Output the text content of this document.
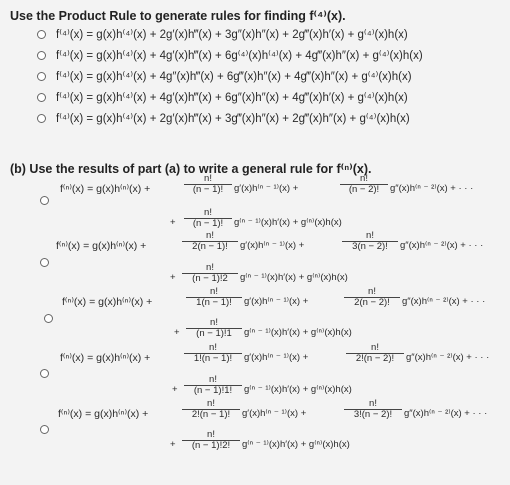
Use the Product Rule to generate rules for finding f⁽⁴⁾(x).
f⁽⁴⁾(x) = g(x)h⁽⁴⁾(x) + 2g′(x)h‴(x) + 3g″(x)h″(x) + 2g‴(x)h′(x) + g⁽⁴⁾(x)h(x)
f⁽⁴⁾(x) = g(x)h⁽⁴⁾(x) + 4g′(x)h‴(x) + 6g⁽⁴⁾(x)h⁽⁴⁾(x) + 4g‴(x)h″(x) + g⁽⁴⁾(x)h(x)
f⁽⁴⁾(x) = g(x)h⁽⁴⁾(x) + 4g″(x)h‴(x) + 6g‴(x)h″(x) + 4g‴(x)h″(x) + g⁽⁴⁾(x)h(x)
f⁽⁴⁾(x) = g(x)h⁽⁴⁾(x) + 4g′(x)h‴(x) + 6g″(x)h″(x) + 4g‴(x)h′(x) + g⁽⁴⁾(x)h(x)
f⁽⁴⁾(x) = g(x)h⁽⁴⁾(x) + 2g′(x)h‴(x) + 3g‴(x)h″(x) + 2g‴(x)h″(x) + g⁽⁴⁾(x)h(x)
(b) Use the results of part (a) to write a general rule for f⁽ⁿ⁾(x).
f⁽ⁿ⁾(x) = g(x)h⁽ⁿ⁾(x) +
n!
(n − 1)! g′(x)h⁽ⁿ ⁻ ¹⁾(x) +
n!
(n − 2)! g″(x)h⁽ⁿ ⁻ ²⁾(x) + · · ·
+
n!
(n − 1)! g⁽ⁿ ⁻ ¹⁾(x)h′(x) + g⁽ⁿ⁾(x)h(x)
f⁽ⁿ⁾(x) = g(x)h⁽ⁿ⁾(x) +
n!
2(n − 1)! g′(x)h⁽ⁿ ⁻ ¹⁾(x) +
n!
3(n − 2)! g″(x)h⁽ⁿ ⁻ ²⁾(x) + · · ·
+
n!
(n − 1)!2 g⁽ⁿ ⁻ ¹⁾(x)h′(x) + g⁽ⁿ⁾(x)h(x)
f⁽ⁿ⁾(x) = g(x)h⁽ⁿ⁾(x) +
n!
1(n − 1)! g′(x)h⁽ⁿ ⁻ ¹⁾(x) +
n!
2(n − 2)! g″(x)h⁽ⁿ ⁻ ²⁾(x) + · · ·
+
n!
(n − 1)!1 g⁽ⁿ ⁻ ¹⁾(x)h′(x) + g⁽ⁿ⁾(x)h(x)
f⁽ⁿ⁾(x) = g(x)h⁽ⁿ⁾(x) +
n!
1!(n − 1)! g′(x)h⁽ⁿ ⁻ ¹⁾(x) +
n!
2!(n − 2)! g″(x)h⁽ⁿ ⁻ ²⁾(x) + · · ·
+
n!
(n − 1)!1! g⁽ⁿ ⁻ ¹⁾(x)h′(x) + g⁽ⁿ⁾(x)h(x)
f⁽ⁿ⁾(x) = g(x)h⁽ⁿ⁾(x) +
n!
2!(n − 1)! g′(x)h⁽ⁿ ⁻ ¹⁾(x) +
n!
3!(n − 2)! g″(x)h⁽ⁿ ⁻ ²⁾(x) + · · ·
+
n!
(n − 1)!2! g⁽ⁿ ⁻ ¹⁾(x)h′(x) + g⁽ⁿ⁾(x)h(x)
